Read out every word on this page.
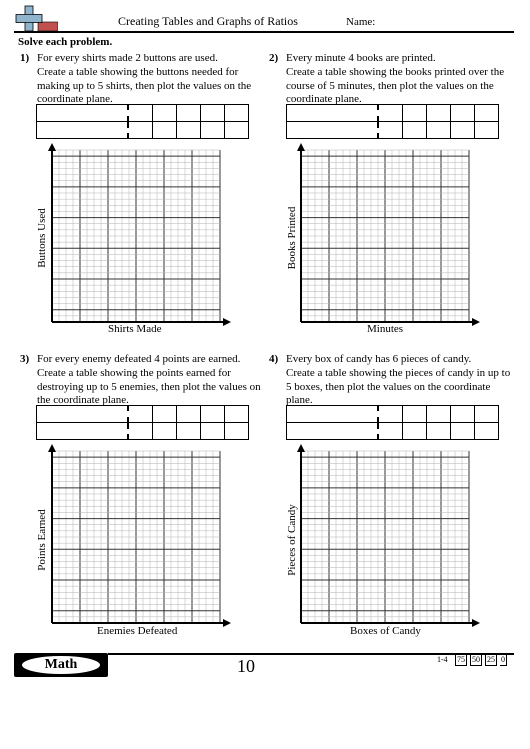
Creating Tables and Graphs of Ratios	Name:
Solve each problem.
1) For every shirts made 2 buttons are used.
Create a table showing the buttons needed for making up to 5 shirts, then plot the values on the coordinate plane.

Shirts Made
Buttons Used
2) Every minute 4 books are printed.
Create a table showing the books printed over the course of 5 minutes, then plot the values on the coordinate plane.

Minutes
Books Printed
3) For every enemy defeated 4 points are earned.
Create a table showing the points earned for destroying up to 5 enemies, then plot the values on the coordinate plane.

Enemies Defeated
Points Earned
4) Every box of candy has 6 pieces of candy.
Create a table showing the pieces of candy in up to 5 boxes, then plot the values on the coordinate plane.

Boxes of Candy
Pieces of Candy
Math	10	1-4 75 50 25 0
